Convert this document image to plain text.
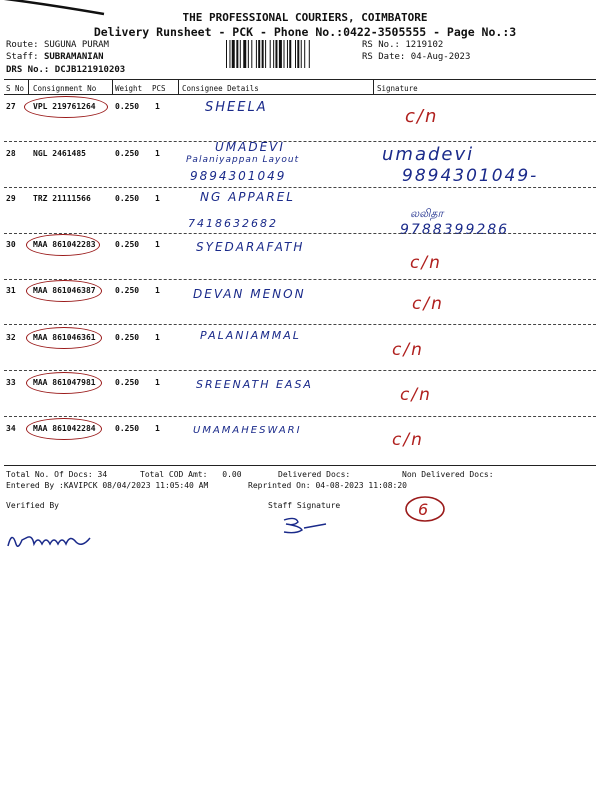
THE PROFESSIONAL COURIERS, COIMBATORE
Delivery Runsheet - PCK - Phone No.:0422-3505555 - Page No.:3
Route: SUGUNA PURAM
Staff: SUBRAMANIAN
DRS No.: DCJB121910203
RS No.: 1219102
RS Date: 04-Aug-2023
S No Consignment No	Weight PCS Consignee Details	Signature
27 VPL 219761264 0.250 1	SHEELA	c/n
28 NGL 2461485	0.250 1	UMADEVI
Palaniyappan Layout
9894301049
umadevi
9894301049-
29 TRZ 21111566	0.250 1	NG APPAREL
7418632682
லலிதா
9788399286
30 MAA 861042283 0.250 1	SYEDARAFATH
c/n
31 MAA 861046387 0.250 1	DEVAN MENON	c/n
32 MAA 861046361 0.250 1	PALANIAMMAL
c/n
33 MAA 861047981 0.250 1	SREENATH EASA
c/n
34 MAA 861042284 0.250 1	UMAMAHESWARI	c/n
Total No. Of Docs: 34	Total COD Amt: 0.00	Delivered Docs:	Non Delivered Docs:
Entered By :KAVIPCK 08/04/2023 11:05:40 AM	Reprinted On: 04-08-2023 11:08:20
Verified By	Staff Signature	6
